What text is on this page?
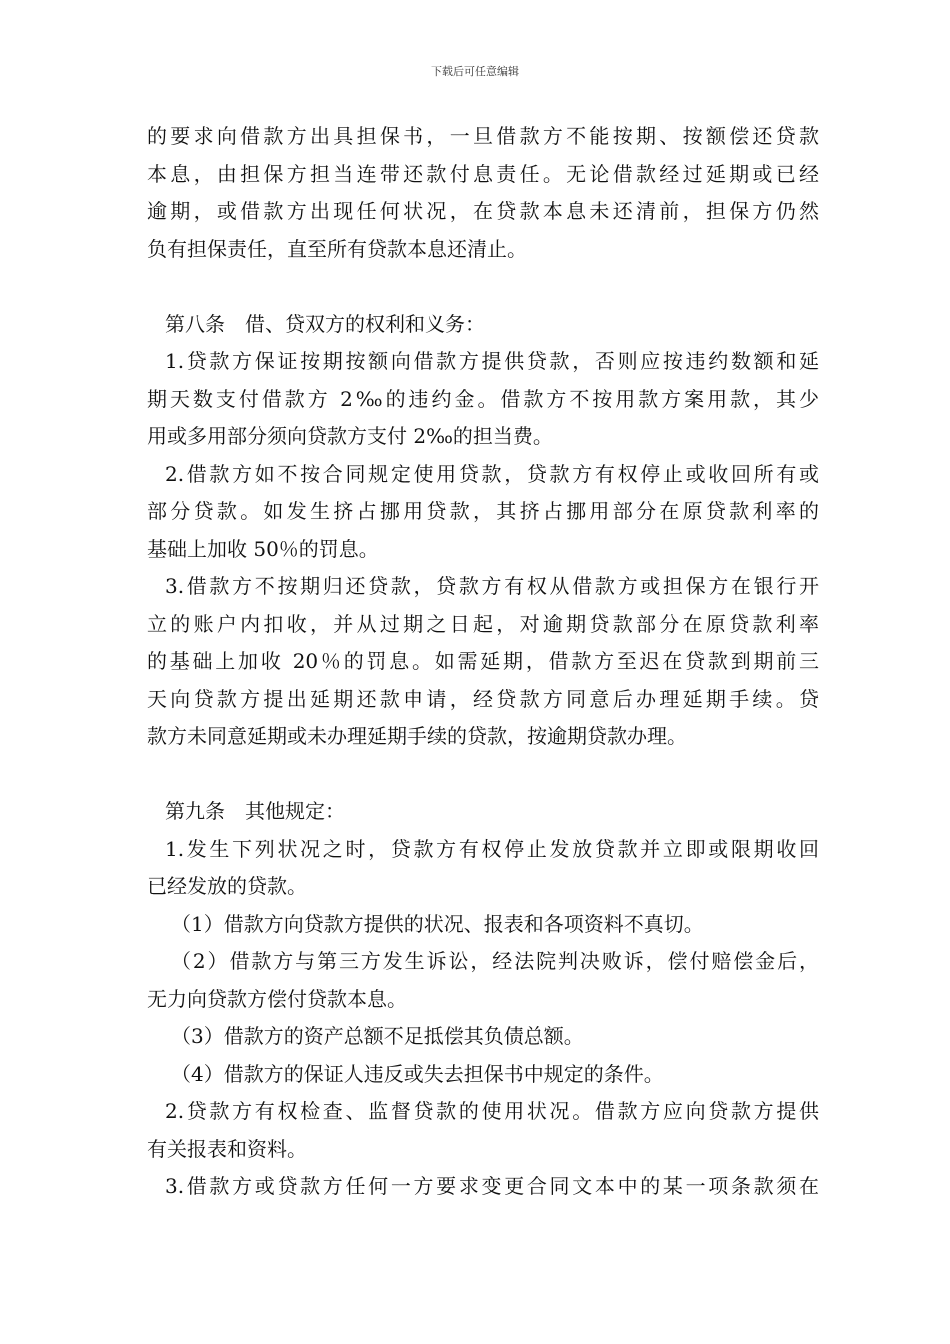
下载后可任意编辑
的要求向借款方出具担保书，一旦借款方不能按期、按额偿还贷款
本息，由担保方担当连带还款付息责任。无论借款经过延期或已经
逾期，或借款方出现任何状况，在贷款本息未还清前，担保方仍然
负有担保责任，直至所有贷款本息还清止。
第八条　借、贷双方的权利和义务：
1.贷款方保证按期按额向借款方提供贷款，否则应按违约数额和延
期天数支付借款方 2‰的违约金。借款方不按用款方案用款，其少
用或多用部分须向贷款方支付 2‰的担当费。
2.借款方如不按合同规定使用贷款，贷款方有权停止或收回所有或
部分贷款。如发生挤占挪用贷款，其挤占挪用部分在原贷款利率的
基础上加收 50％的罚息。
3.借款方不按期归还贷款，贷款方有权从借款方或担保方在银行开
立的账户内扣收，并从过期之日起，对逾期贷款部分在原贷款利率
的基础上加收 20％的罚息。如需延期，借款方至迟在贷款到期前三
天向贷款方提出延期还款申请，经贷款方同意后办理延期手续。贷
款方未同意延期或未办理延期手续的贷款，按逾期贷款办理。
第九条　其他规定：
1.发生下列状况之时，贷款方有权停止发放贷款并立即或限期收回
已经发放的贷款。
（1）借款方向贷款方提供的状况、报表和各项资料不真切。
（2）借款方与第三方发生诉讼，经法院判决败诉，偿付赔偿金后，
无力向贷款方偿付贷款本息。
（3）借款方的资产总额不足抵偿其负债总额。
（4）借款方的保证人违反或失去担保书中规定的条件。
2.贷款方有权检查、监督贷款的使用状况。借款方应向贷款方提供
有关报表和资料。
3.借款方或贷款方任何一方要求变更合同文本中的某一项条款须在
